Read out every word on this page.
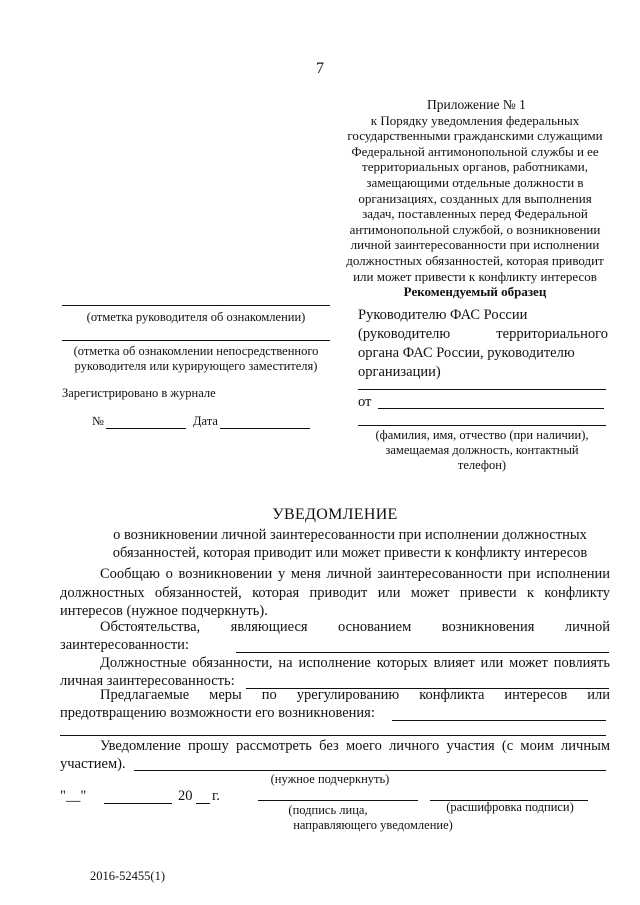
7
Приложение № 1
к Порядку уведомления федеральных
государственными гражданскими служащими
Федеральной антимонопольной службы и ее
территориальных органов, работниками,
замещающими отдельные должности в
организациях, созданных для выполнения
задач, поставленных перед Федеральной
антимонопольной службой, о возникновении
личной заинтересованности при исполнении
должностных обязанностей, которая приводит
или может привести к конфликту интересов
Рекомендуемый образец
(отметка руководителя об ознакомлении)
(отметка об ознакомлении непосредственного
руководителя или курирующего заместителя)
Зарегистрировано в журнале
№	Дата
Руководителю ФАС России
(руководителю	территориального
органа ФАС России, руководителю
организации)
от
(фамилия, имя, отчество (при наличии),
замещаемая должность, контактный
телефон)
УВЕДОМЛЕНИЕ
о возникновении личной заинтересованности при исполнении должностных
обязанностей, которая приводит или может привести к конфликту интересов
Сообщаю о возникновении у меня личной заинтересованности при исполнении
должностных обязанностей, которая приводит или может привести к конфликту
интересов (нужное подчеркнуть).
Обстоятельства, являющиеся основанием возникновения личной
заинтересованности:
Должностные обязанности, на исполнение которых влияет или может повлиять
личная заинтересованность:
Предлагаемые меры по урегулированию конфликта интересов или
предотвращению возможности его возникновения:
Уведомление прошу рассмотреть без моего личного участия (с моим личным
участием).
(нужное подчеркнуть)
"__"	20 г.
(подпись лица,
направляющего уведомление)
(расшифровка подписи)
2016-52455(1)
